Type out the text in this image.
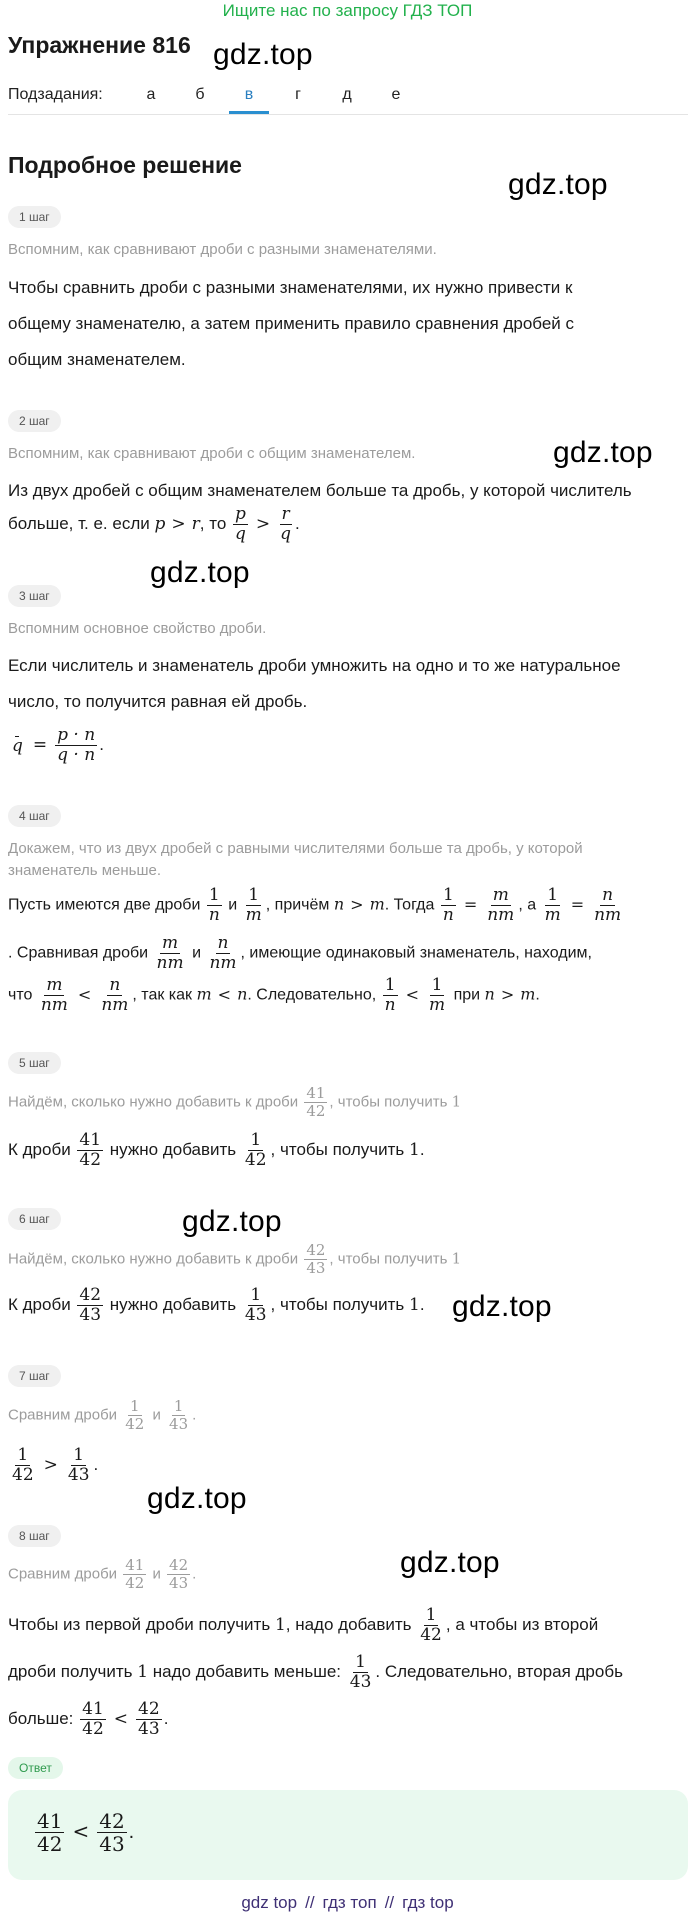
Ищите нас по запросу ГДЗ ТОП
Упражнение 816 gdz.top
gdz.top
gdz.top
gdz.top
gdz.top
gdz.top
gdz.top
gdz.top
Подзадания:	а	б	в	г	д	е
Подробное решение
1 шаг
Вспомним, как сравнивают дроби с разными знаменателями.
Чтобы сравнить дроби с разными знаменателями, их нужно привести к
общему знаменателю, а затем применить правило сравнения дробей с
общим знаменателем.
2 шаг
Вспомним, как сравнивают дроби с общим знаменателем.
Из двух дробей с общим знаменателем больше та дробь, у которой числитель
больше, т. е. если p > r, то $\frac{p}{q} > \frac{r}{q}$ .
3 шаг
Вспомним основное свойство дроби.
Если числитель и знаменатель дроби умножить на одно и то же натуральное
число, то получится равная ей дробь.
$q = \frac{p \cdot n}{q \cdot n}$ .
4 шаг
Докажем, что из двух дробей с равными числителями больше та дробь, у которой
знаменатель меньше.
Пусть имеются две дроби $\frac{1}{n}$ и $\frac{1}{m}$ , причём n > m. Тогда $\frac{1}{n} = \frac{m}{nm}$ , а $\frac{1}{m} = \frac{n}{nm}$
. Сравнивая дроби $\frac{m}{nm}$ и $\frac{n}{nm}$ , имеющие одинаковый знаменатель, находим,
что $\frac{m}{nm} < \frac{n}{nm}$ , так как m < n. Следовательно, $\frac{1}{n} < \frac{1}{m}$ при n > m.
5 шаг
Найдём, сколько нужно добавить к дроби $\frac{41}{42}$ , чтобы получить 1
К дроби $\frac{41}{42}$ нужно добавить $\frac{1}{42}$ , чтобы получить 1.
6 шаг
Найдём, сколько нужно добавить к дроби $\frac{42}{43}$ , чтобы получить 1
К дроби $\frac{42}{43}$ нужно добавить $\frac{1}{43}$ , чтобы получить 1.
7 шаг
Сравним дроби $\frac{1}{42}$ и $\frac{1}{43}$ .
$\frac{1}{42} > \frac{1}{43}$ .
8 шаг
Сравним дроби $\frac{41}{42}$ и $\frac{42}{43}$ .
Чтобы из первой дроби получить 1, надо добавить $\frac{1}{42}$ , а чтобы из второй
дроби получить 1 надо добавить меньше: $\frac{1}{43}$ . Следовательно, вторая дробь
больше: $\frac{41}{42} < \frac{42}{43}$ .
Ответ
$\frac{41}{42} < \frac{42}{43}$ .
gdz top // гдз топ // гдз top
